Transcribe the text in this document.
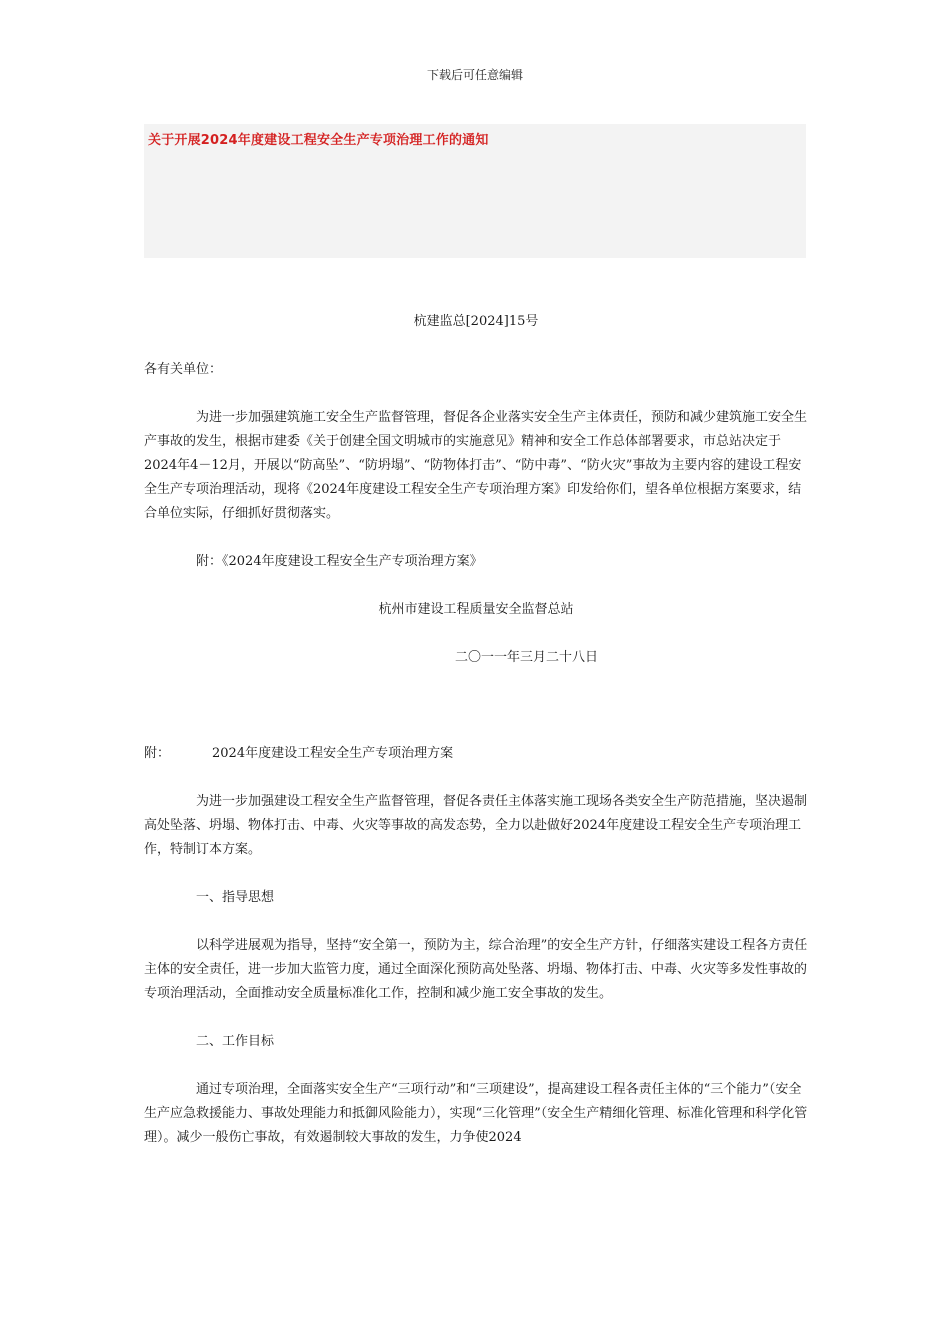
下载后可任意编辑
关于开展2024年度建设工程安全生产专项治理工作的通知

杭建监总[2024]15号

各有关单位：

为进一步加强建筑施工安全生产监督管理，督促各企业落实安全生产主体责任，预防和减少建筑施工安全生产事故的发生，根据市建委《关于创建全国文明城市的实施意见》精神和安全工作总体部署要求，市总站决定于2024年4－12月，开展以“防高坠”、“防坍塌”、“防物体打击”、“防中毒”、“防火灾”事故为主要内容的建设工程安全生产专项治理活动，现将《2024年度建设工程安全生产专项治理方案》印发给你们，望各单位根据方案要求，结合单位实际，仔细抓好贯彻落实。

附：《2024年度建设工程安全生产专项治理方案》

杭州市建设工程质量安全监督总站

二〇一一年三月二十八日

附：	2024年度建设工程安全生产专项治理方案

为进一步加强建设工程安全生产监督管理，督促各责任主体落实施工现场各类安全生产防范措施，坚决遏制高处坠落、坍塌、物体打击、中毒、火灾等事故的高发态势，全力以赴做好2024年度建设工程安全生产专项治理工作，特制订本方案。

一、指导思想

以科学进展观为指导，坚持“安全第一，预防为主，综合治理”的安全生产方针，仔细落实建设工程各方责任主体的安全责任，进一步加大监管力度，通过全面深化预防高处坠落、坍塌、物体打击、中毒、火灾等多发性事故的专项治理活动，全面推动安全质量标准化工作，控制和减少施工安全事故的发生。

二、工作目标

通过专项治理，全面落实安全生产“三项行动”和“三项建设”，提高建设工程各责任主体的“三个能力”（安全生产应急救援能力、事故处理能力和抵御风险能力），实现“三化管理”（安全生产精细化管理、标准化管理和科学化管理）。减少一般伤亡事故，有效遏制较大事故的发生，力争使2024
